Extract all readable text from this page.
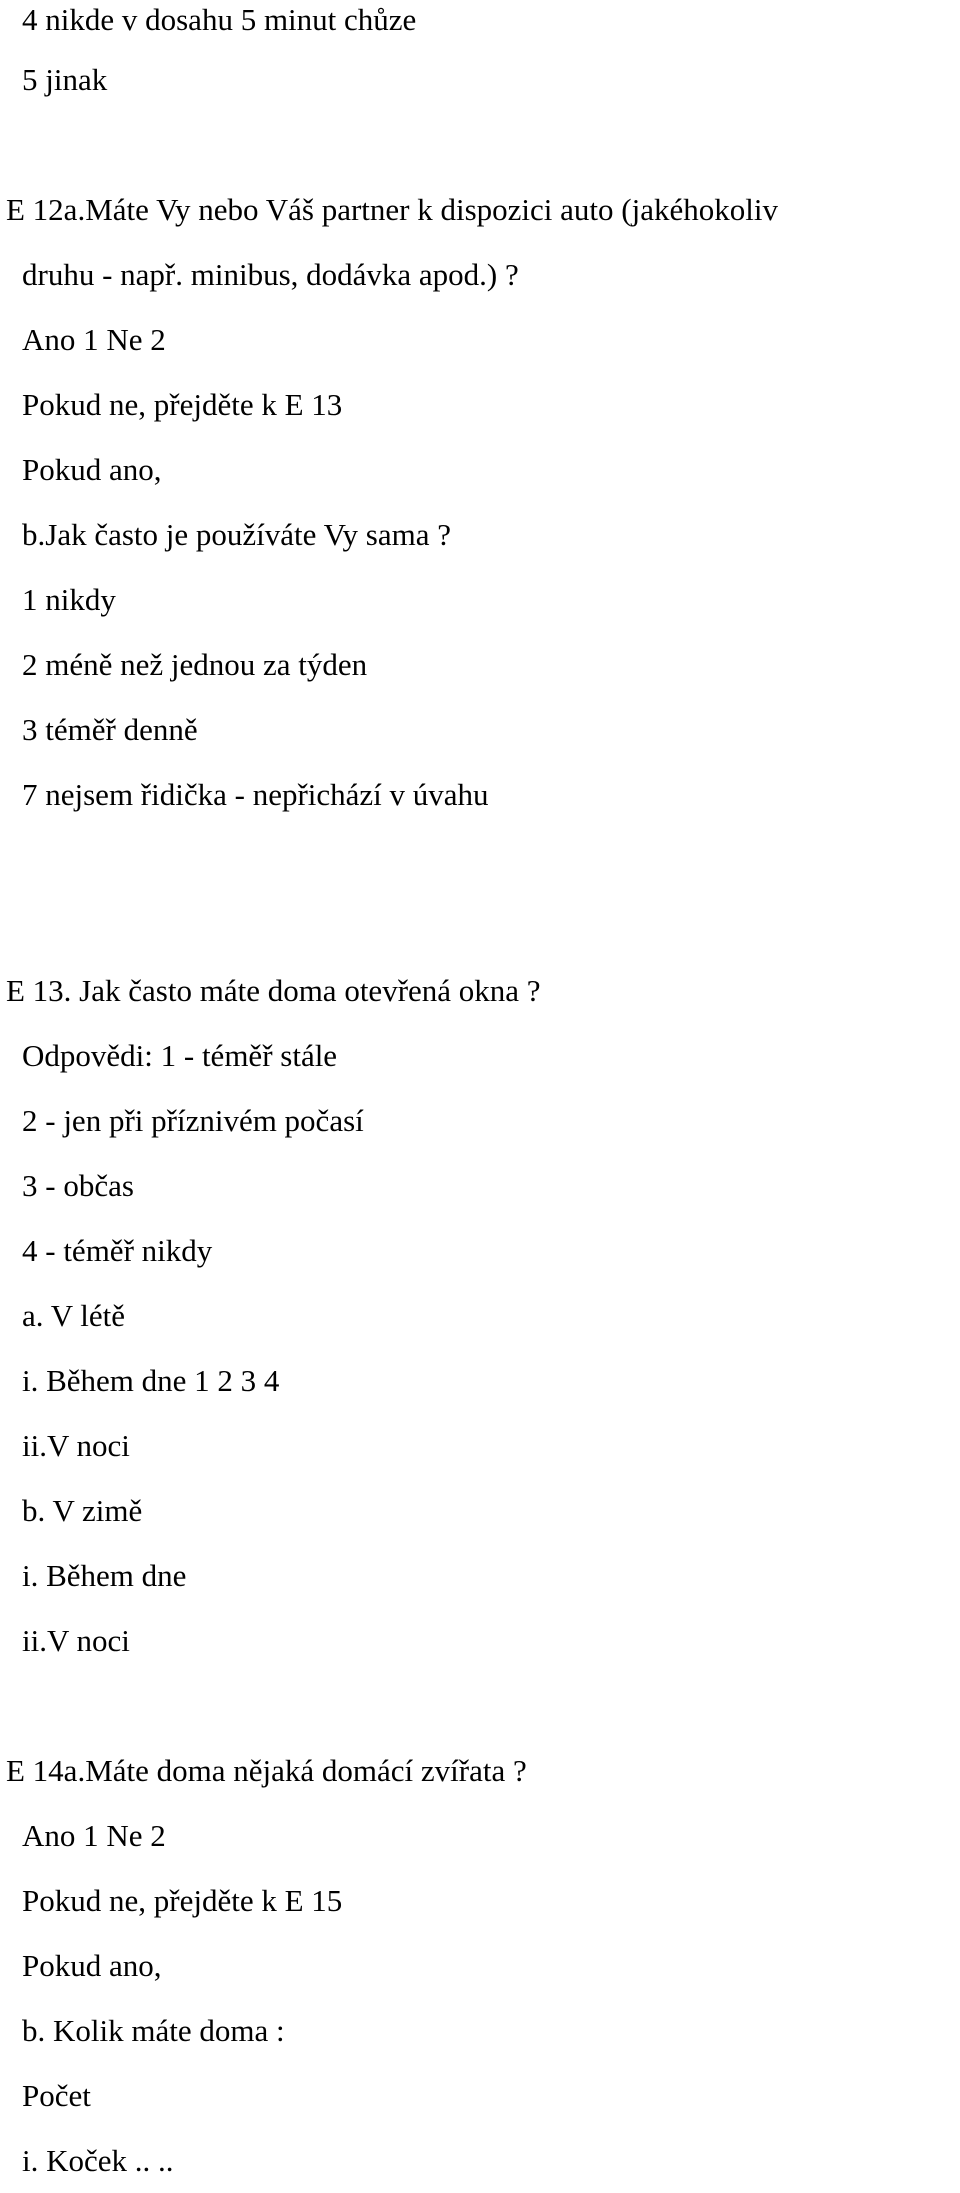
4 nikde v dosahu 5 minut chůze

5 jinak

E 12a.Máte Vy nebo Váš partner k dispozici auto (jakéhokoliv

druhu - např. minibus, dodávka apod.) ?

Ano 1 Ne 2

Pokud ne, přejděte k E 13

Pokud ano,

b.Jak často je používáte Vy sama ?

1 nikdy

2 méně než jednou za týden

3 téměř denně

7 nejsem řidička - nepřichází v úvahu

E 13. Jak často máte doma otevřená okna ?

Odpovědi: 1 - téměř stále

2 - jen při příznivém počasí

3 - občas

4 - téměř nikdy

a. V létě

i. Během dne 1 2 3 4

ii.V noci

b. V zimě

i. Během dne

ii.V noci

E 14a.Máte doma nějaká domácí zvířata ?

Ano 1 Ne 2

Pokud ne, přejděte k E 15

Pokud ano,

b. Kolik máte doma :

Počet

i. Koček .. ..
